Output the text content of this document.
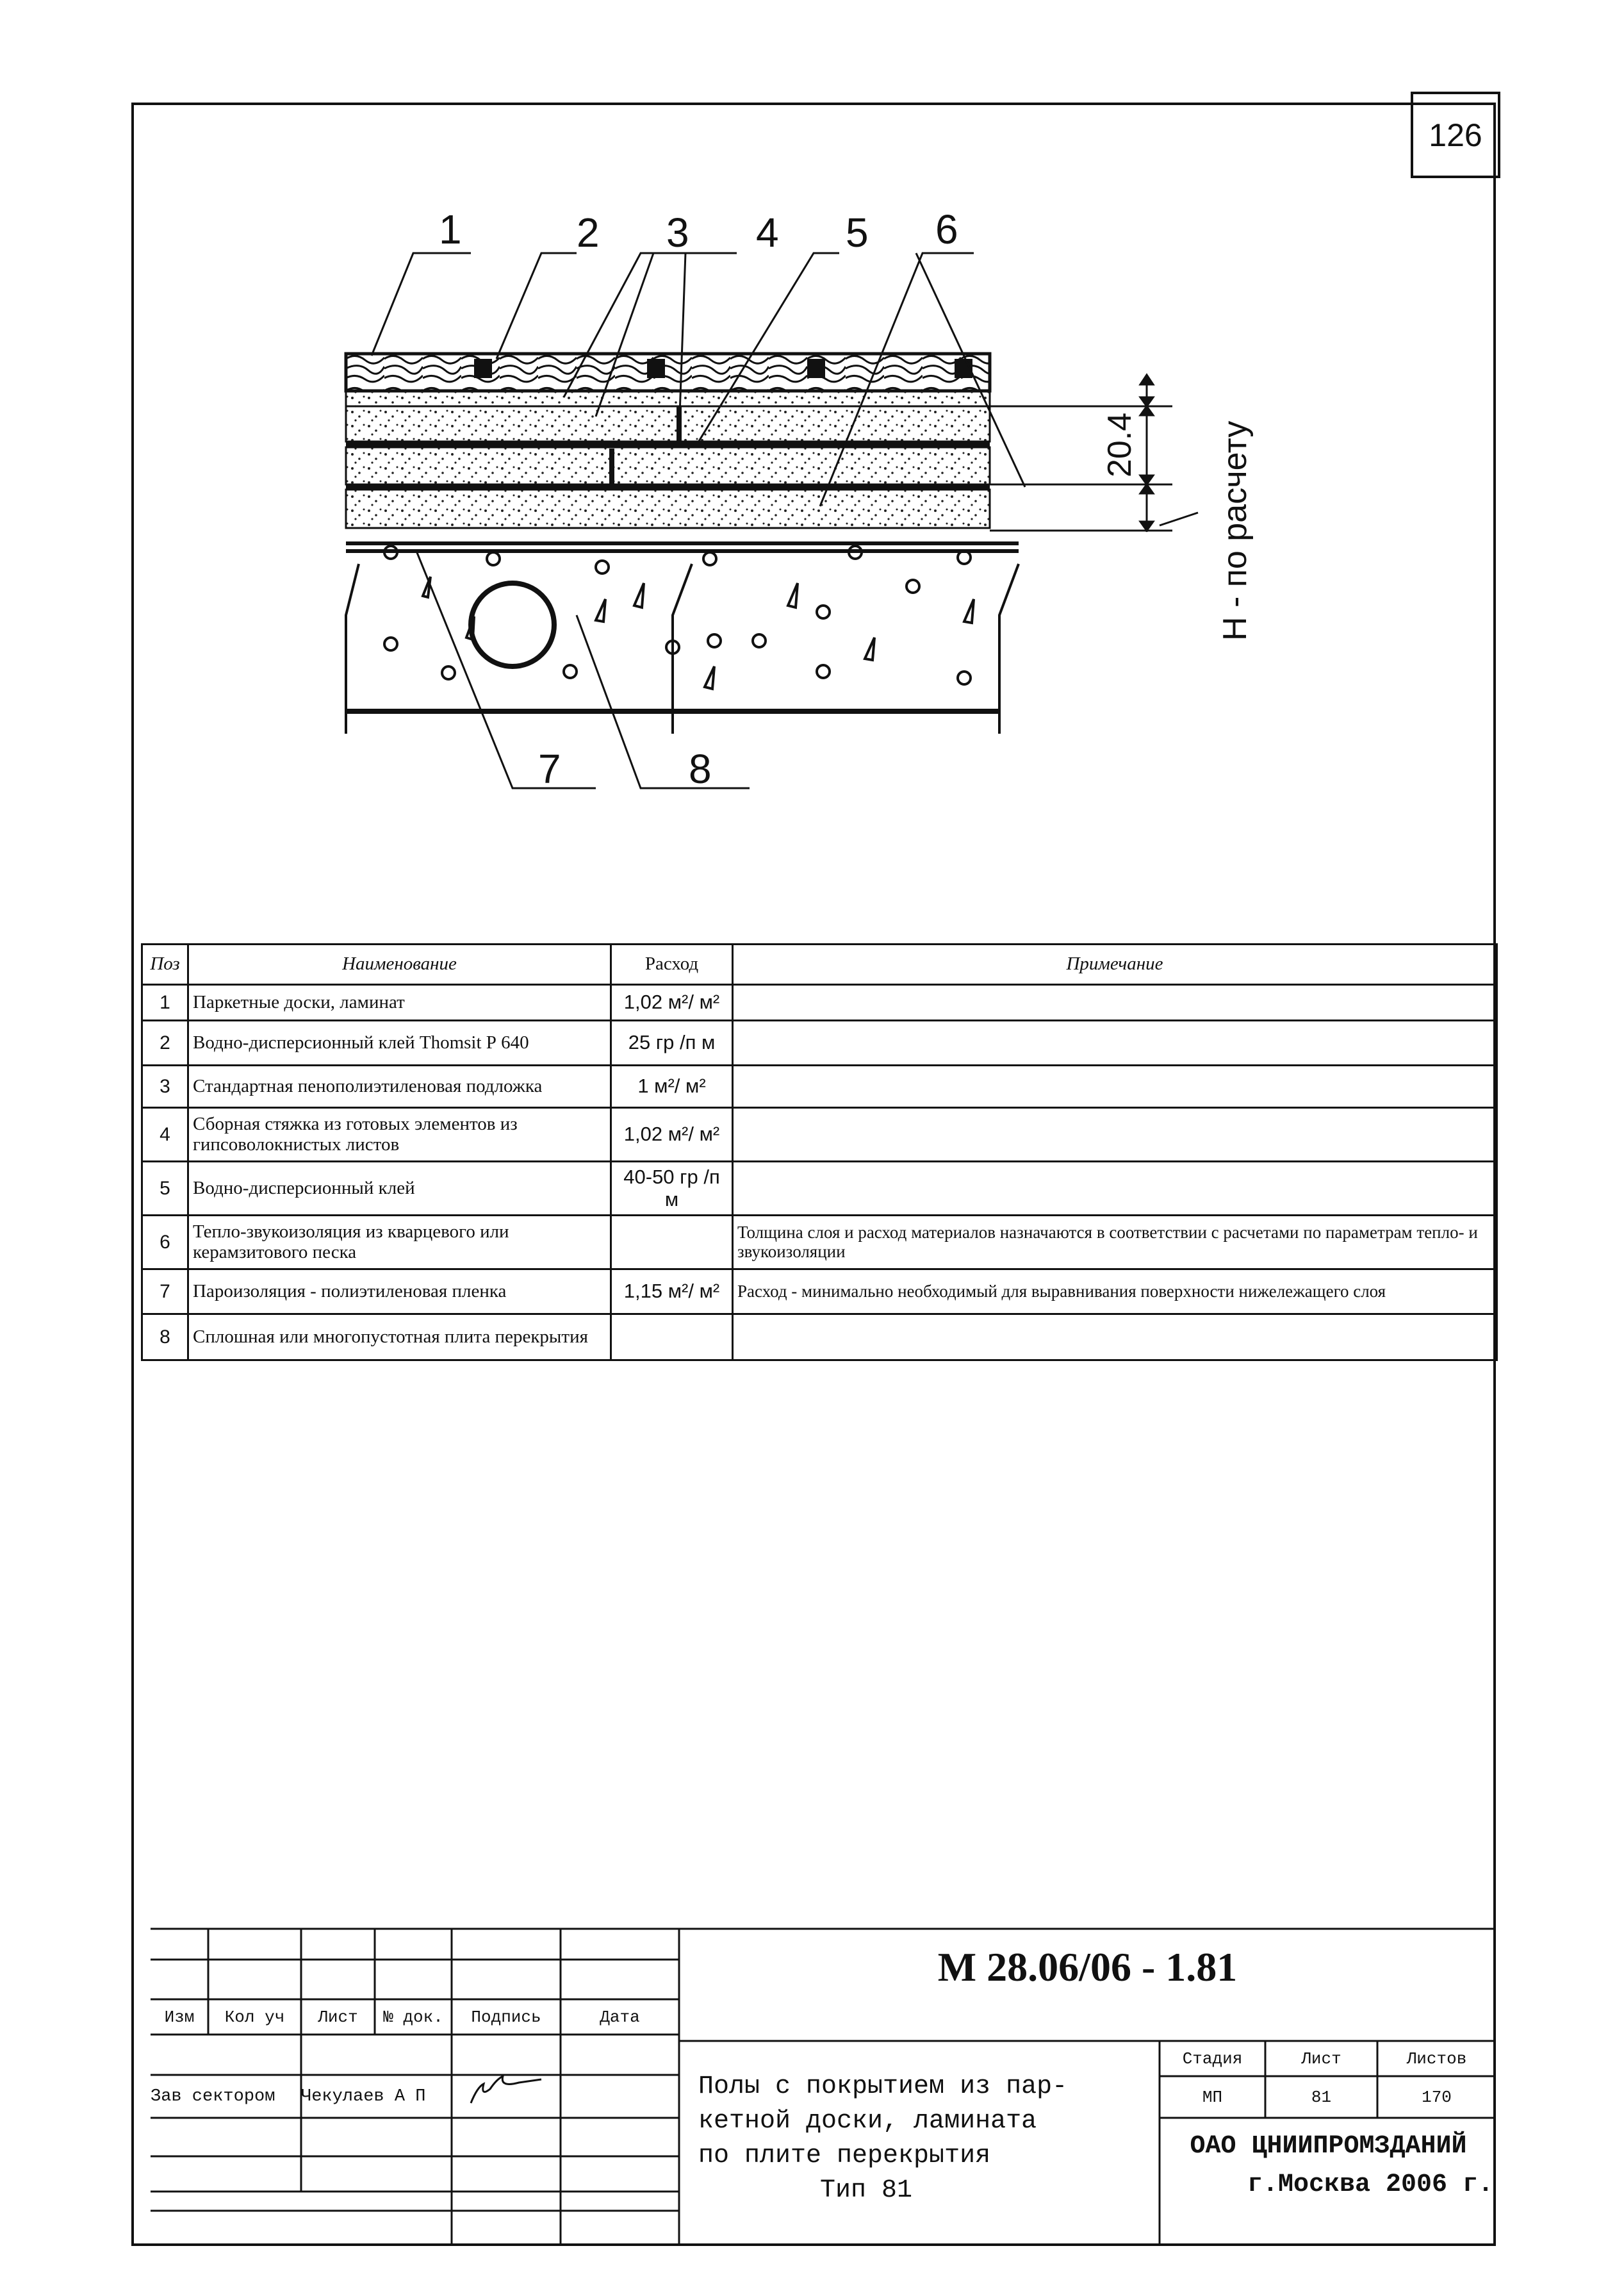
126
1	2 3 4 5 6
7	8
20.4 Н - по расчету
Поз	Наименование	Расход	Примечание
1	Паркетные доски, ламинат	1,02 м²/ м²	
2	Водно-дисперсионный клей Thomsit Р 640	25 гр /п м	
3	Стандартная пенополиэтиленовая подложка	1 м²/ м²	
4	Сборная стяжка из готовых элементов из гипсоволокнистых листов	1,02 м²/ м²	
5	Водно-дисперсионный клей	40-50 гр /п м	
6	Тепло-звукоизоляция из кварцевого или керамзитового песка		Толщина слоя и расход материалов назначаются в соответствии с расчетами по параметрам тепло- и звукоизоляции
7	Пароизоляция - полиэтиленовая пленка	1,15 м²/ м²	Расход - минимально необходимый для выравнивания поверхности нижележащего слоя
8	Сплошная или многопустотная плита перекрытия		
М 28.06/06 - 1.81
Изм	Кол уч	Лист	№ док.	Подпись	Дата
Зав сектором	Чекулаев А П	Полы с покрытием из пар-
кетной доски, ламината
по плите перекрытия
Тип 81
Стадия	Лист	Листов
МП	81	170
ОАО ЦНИИПРОМЗДАНИЙ
г.Москва 2006 г.
